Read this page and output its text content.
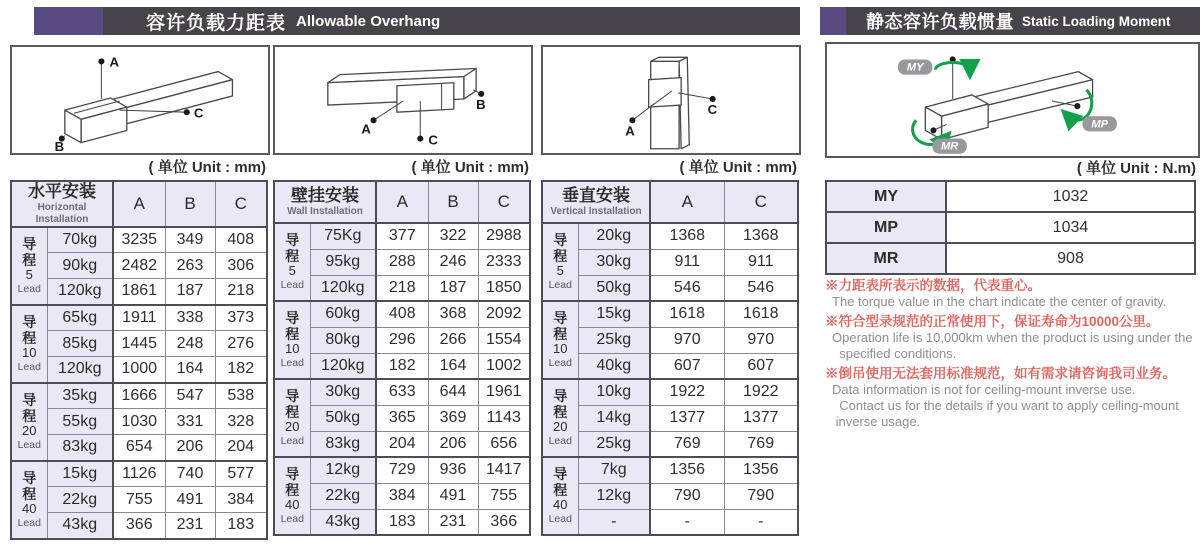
容许负载力距表 Allowable Overhang	静态容许负载惯量 Static Loading Moment
A
B
C
A
B
C
A
C
MY
MP
MR
( 单位 Unit : mm)	( 单位 Unit : mm)	( 单位 Unit : mm)	( 单位 Unit : N.m)
水平安装
Horizontal Installation		A	B	C

导程
5
Lead	70kg	3235	349	408
	90kg	2482	263	306
	120kg	1861	187	218

导程
10
Lead	65kg	1911	338	373
	85kg	1445	248	276
	120kg	1000	164	182

导程
20
Lead	35kg	1666	547	538
	55kg	1030	331	328
	83kg	654	206	204

导程
40
Lead	15kg	1126	740	577
	22kg	755	491	384
	43kg	366	231	183
壁挂安装
Wall Installation		A	B	C

导程
5
Lead	75Kg	377	322	2988
	95kg	288	246	2333
	120kg	218	187	1850

导程
10
Lead	60kg	408	368	2092
	80kg	296	266	1554
	120kg	182	164	1002

导程
20
Lead	30kg	633	644	1961
	50kg	365	369	1143
	83kg	204	206	656

导程
40
Lead	12kg	729	936	1417
	22kg	384	491	755
	43kg	183	231	366
垂直安装
Vertical Installation		A	C

导程
5
Lead	20kg	1368	1368
	30kg	911	911
	50kg	546	546

导程
10
Lead	15kg	1618	1618
	25kg	970	970
	40kg	607	607

导程
20
Lead	10kg	1922	1922
	14kg	1377	1377
	25kg	769	769

导程
40
Lead	7kg	1356	1356
	12kg	790	790
	-	-	-
MY	1032
MP	1034
MR	908
※力距表所表示的数据，代表重心。
The torque value in the chart indicate the center of gravity.
※符合型录规范的正常使用下，保证寿命为10000公里。
Operation life is 10,000km when the product is using under the
specified conditions.
※倒吊使用无法套用标准规范，如有需求请咨询我司业务。
Data information is not for ceiling-mount inverse use.
Contact us for the details if you want to apply ceiling-mount
inverse usage.
